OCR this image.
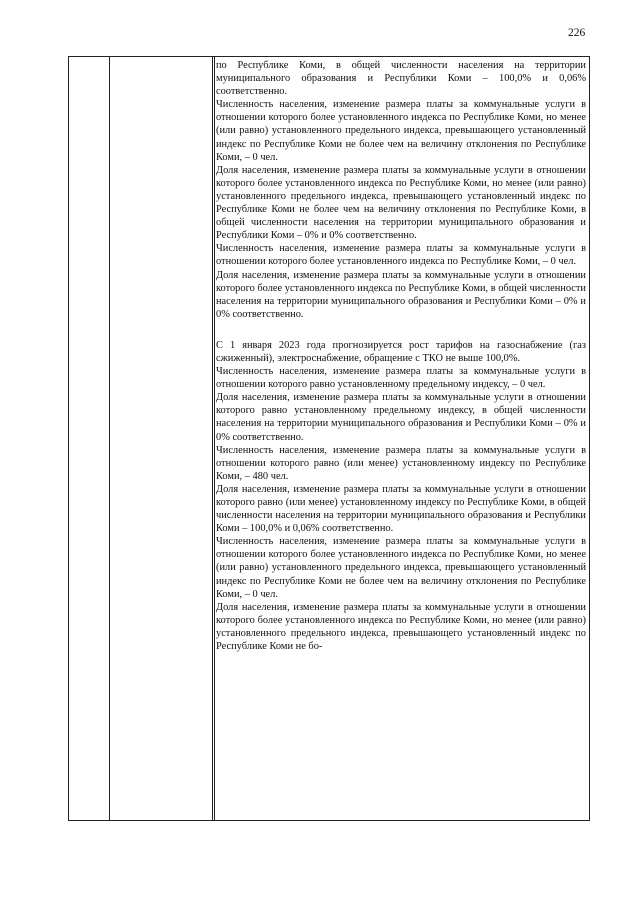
226

по Республике Коми, в общей численности населения на территории муниципального образования и Республики Коми – 100,0% и 0,06% соответственно.

Численность населения, изменение размера платы за коммунальные услуги в отношении которого более установленного индекса по Республике Коми, но менее (или равно) установленного предельного индекса, превышающего установленный индекс по Республике Коми не более чем на величину отклонения по Республике Коми, – 0 чел.

Доля населения, изменение размера платы за коммунальные услуги в отношении которого более установленного индекса по Республике Коми, но менее (или равно) установленного предельного индекса, превышающего установленный индекс по Республике Коми не более чем на величину отклонения по Республике Коми, в общей численности населения на территории муниципального образования и Республики Коми – 0% и 0% соответственно.

Численность населения, изменение размера платы за коммунальные услуги в отношении которого более установленного индекса по Республике Коми, – 0 чел.

Доля населения, изменение размера платы за коммунальные услуги в отношении которого более установленного индекса по Республике Коми, в общей численности населения на территории муниципального образования и Республики Коми – 0% и 0% соответственно.

С 1 января 2023 года прогнозируется рост тарифов на газоснабжение (газ сжиженный), электроснабжение, обращение с ТКО не выше 100,0%.

Численность населения, изменение размера платы за коммунальные услуги в отношении которого равно установленному предельному индексу, – 0 чел.

Доля населения, изменение размера платы за коммунальные услуги в отношении которого равно установленному предельному индексу, в общей численности населения на территории муниципального образования и Республики Коми – 0% и 0% соответственно.

Численность населения, изменение размера платы за коммунальные услуги в отношении которого равно (или менее) установленному индексу по Республике Коми, – 480 чел.

Доля населения, изменение размера платы за коммунальные услуги в отношении которого равно (или менее) установленному индексу по Республике Коми, в общей численности населения на территории муниципального образования и Республики Коми – 100,0% и 0,06% соответственно.

Численность населения, изменение размера платы за коммунальные услуги в отношении которого более установленного индекса по Республике Коми, но менее (или равно) установленного предельного индекса, превышающего установленный индекс по Республике Коми не более чем на величину отклонения по Республике Коми, – 0 чел.

Доля населения, изменение размера платы за коммунальные услуги в отношении которого более установленного индекса по Республике Коми, но менее (или равно) установленного предельного индекса, превышающего установленный индекс по Республике Коми не бо-
